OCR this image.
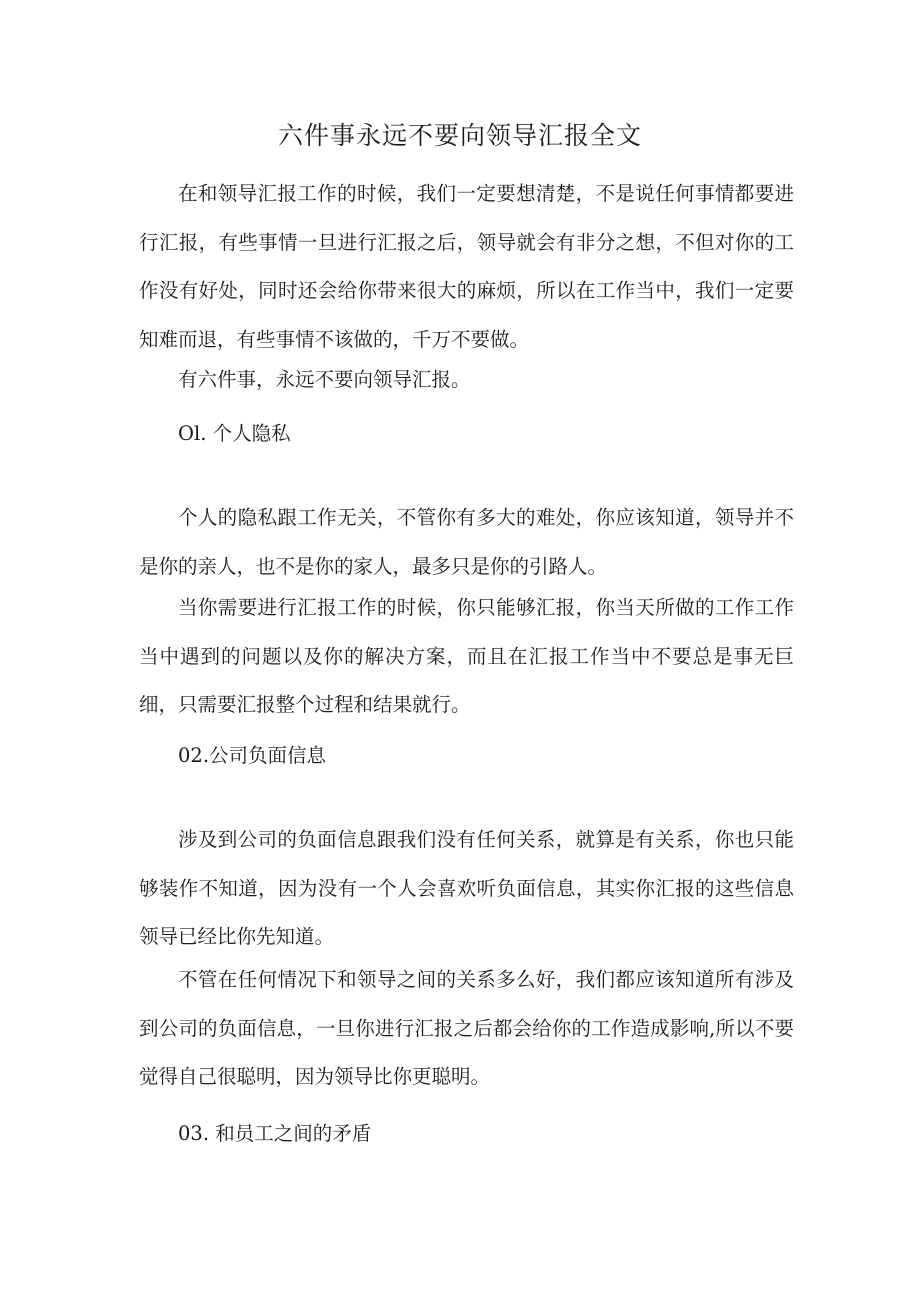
六件事永远不要向领导汇报全文

在和领导汇报工作的时候，我们一定要想清楚，不是说任何事情都要进行汇报，有些事情一旦进行汇报之后，领导就会有非分之想，不但对你的工作没有好处，同时还会给你带来很大的麻烦，所以在工作当中，我们一定要知难而退，有些事情不该做的，千万不要做。

有六件事，永远不要向领导汇报。

Ol. 个人隐私

个人的隐私跟工作无关，不管你有多大的难处，你应该知道，领导并不是你的亲人，也不是你的家人，最多只是你的引路人。

当你需要进行汇报工作的时候，你只能够汇报，你当天所做的工作工作当中遇到的问题以及你的解决方案，而且在汇报工作当中不要总是事无巨细，只需要汇报整个过程和结果就行。

02.公司负面信息

涉及到公司的负面信息跟我们没有任何关系，就算是有关系，你也只能够装作不知道，因为没有一个人会喜欢听负面信息，其实你汇报的这些信息领导已经比你先知道。

不管在任何情况下和领导之间的关系多么好，我们都应该知道所有涉及到公司的负面信息，一旦你进行汇报之后都会给你的工作造成影响,所以不要觉得自己很聪明，因为领导比你更聪明。

03. 和员工之间的矛盾
